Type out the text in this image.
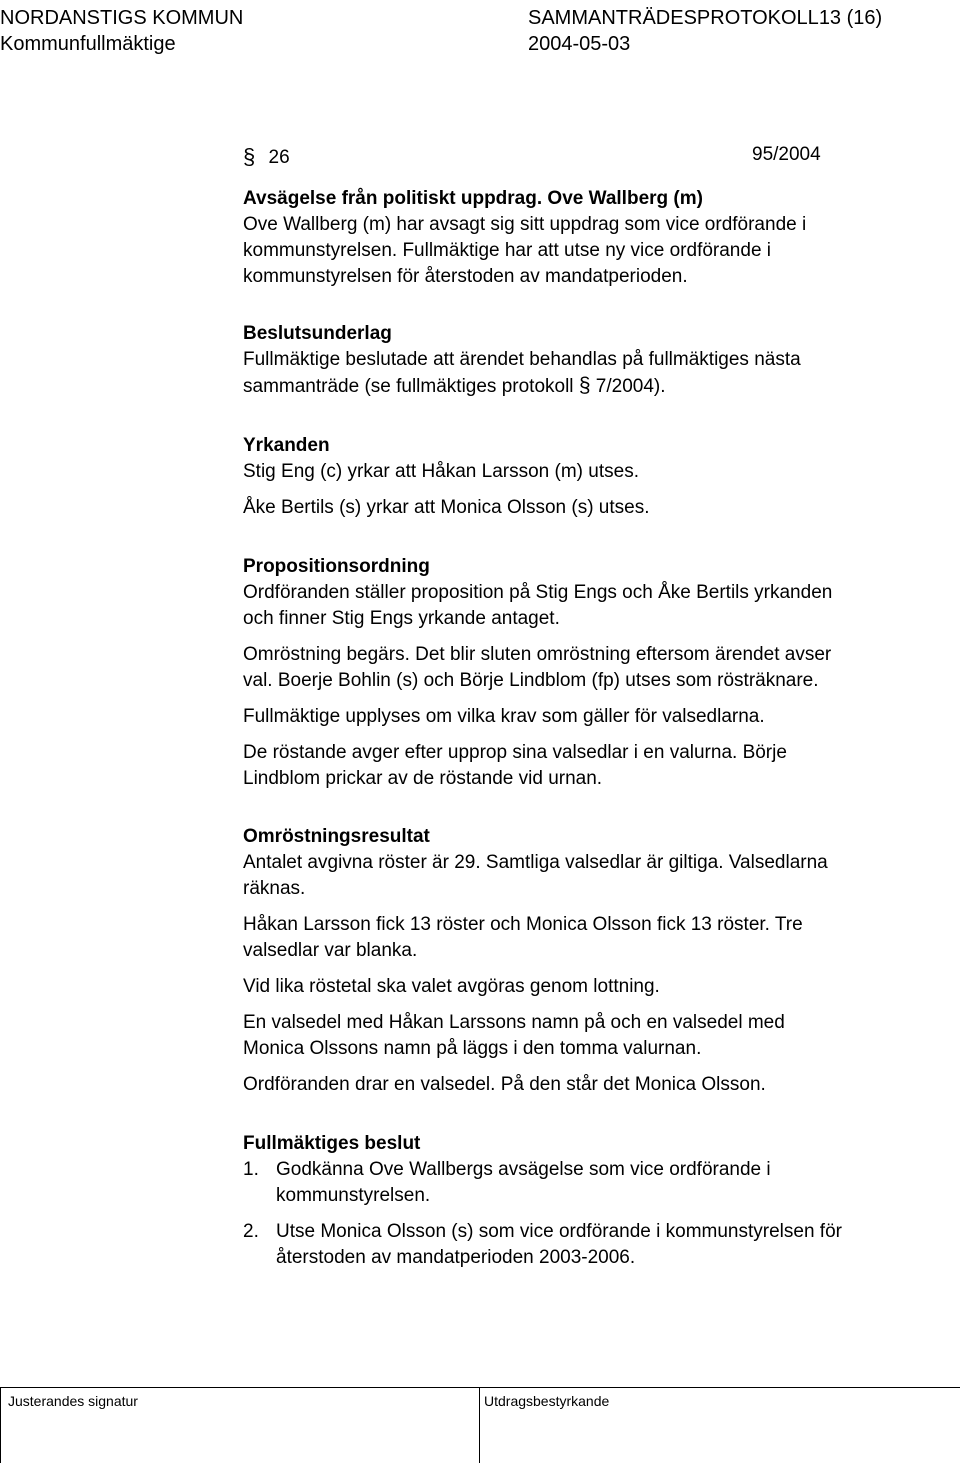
NORDANSTIGS KOMMUN	SAMMANTRÄDESPROTOKOLL13 (16)
Kommunfullmäktige	2004-05-03
§ 26	95/2004
Avsägelse från politiskt uppdrag. Ove Wallberg (m)
Ove Wallberg (m) har avsagt sig sitt uppdrag som vice ordförande i
kommunstyrelsen. Fullmäktige har att utse ny vice ordförande i
kommunstyrelsen för återstoden av mandatperioden.
Beslutsunderlag
Fullmäktige beslutade att ärendet behandlas på fullmäktiges nästa
sammanträde (se fullmäktiges protokoll § 7/2004).
Yrkanden
Stig Eng (c) yrkar att Håkan Larsson (m) utses.
Åke Bertils (s) yrkar att Monica Olsson (s) utses.
Propositionsordning
Ordföranden ställer proposition på Stig Engs och Åke Bertils yrkanden
och finner Stig Engs yrkande antaget.
Omröstning begärs. Det blir sluten omröstning eftersom ärendet avser
val. Boerje Bohlin (s) och Börje Lindblom (fp) utses som rösträknare.
Fullmäktige upplyses om vilka krav som gäller för valsedlarna.
De röstande avger efter upprop sina valsedlar i en valurna. Börje
Lindblom prickar av de röstande vid urnan.
Omröstningsresultat
Antalet avgivna röster är 29. Samtliga valsedlar är giltiga. Valsedlarna
räknas.
Håkan Larsson fick 13 röster och Monica Olsson fick 13 röster. Tre
valsedlar var blanka.
Vid lika röstetal ska valet avgöras genom lottning.
En valsedel med Håkan Larssons namn på och en valsedel med
Monica Olssons namn på läggs i den tomma valurnan.
Ordföranden drar en valsedel. På den står det Monica Olsson.
Fullmäktiges beslut
1. Godkänna Ove Wallbergs avsägelse som vice ordförande i
kommunstyrelsen.
2. Utse Monica Olsson (s) som vice ordförande i kommunstyrelsen för
återstoden av mandatperioden 2003-2006.
Justerandes signatur	Utdragsbestyrkande
